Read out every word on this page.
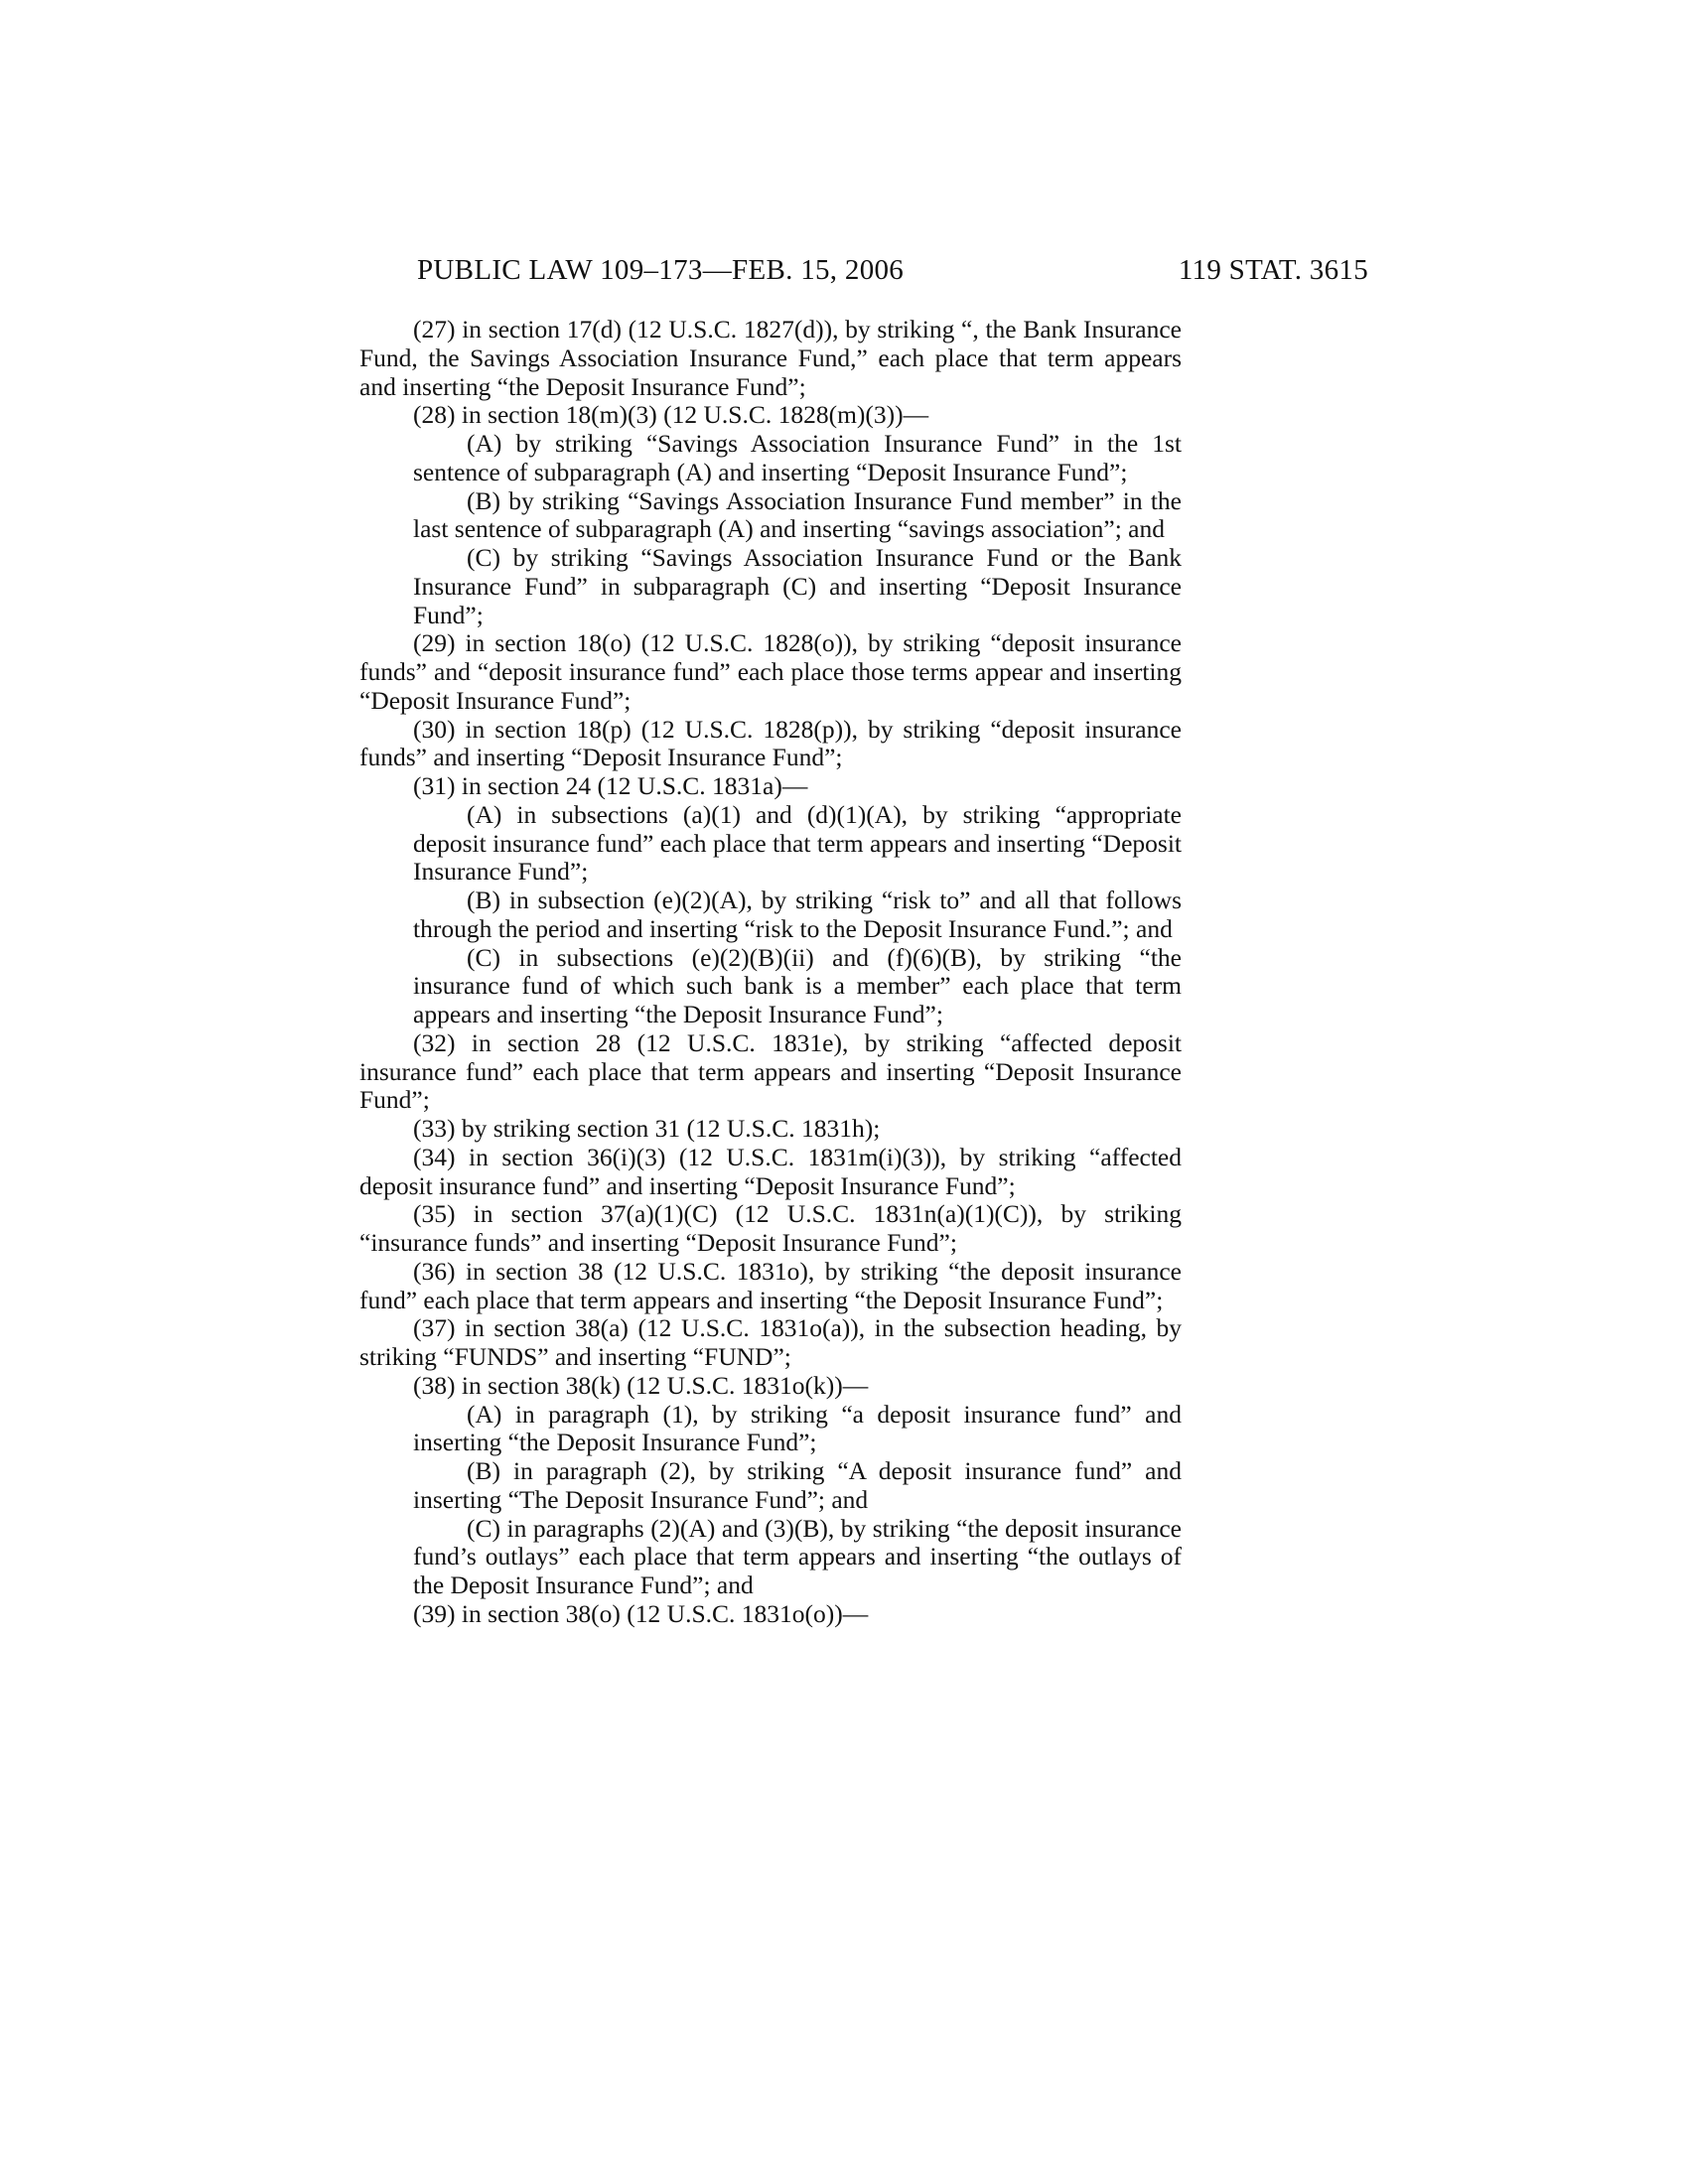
PUBLIC LAW 109–173—FEB. 15, 2006	119 STAT. 3615

(27) in section 17(d) (12 U.S.C. 1827(d)), by striking “, the Bank Insurance Fund, the Savings Association Insurance Fund,” each place that term appears and inserting “the Deposit Insurance Fund”;

(28) in section 18(m)(3) (12 U.S.C. 1828(m)(3))—

(A) by striking “Savings Association Insurance Fund” in the 1st sentence of subparagraph (A) and inserting “Deposit Insurance Fund”;

(B) by striking “Savings Association Insurance Fund member” in the last sentence of subparagraph (A) and inserting “savings association”; and

(C) by striking “Savings Association Insurance Fund or the Bank Insurance Fund” in subparagraph (C) and inserting “Deposit Insurance Fund”;

(29) in section 18(o) (12 U.S.C. 1828(o)), by striking “deposit insurance funds” and “deposit insurance fund” each place those terms appear and inserting “Deposit Insurance Fund”;

(30) in section 18(p) (12 U.S.C. 1828(p)), by striking “deposit insurance funds” and inserting “Deposit Insurance Fund”;

(31) in section 24 (12 U.S.C. 1831a)—

(A) in subsections (a)(1) and (d)(1)(A), by striking “appropriate deposit insurance fund” each place that term appears and inserting “Deposit Insurance Fund”;

(B) in subsection (e)(2)(A), by striking “risk to” and all that follows through the period and inserting “risk to the Deposit Insurance Fund.”; and

(C) in subsections (e)(2)(B)(ii) and (f)(6)(B), by striking “the insurance fund of which such bank is a member” each place that term appears and inserting “the Deposit Insurance Fund”;

(32) in section 28 (12 U.S.C. 1831e), by striking “affected deposit insurance fund” each place that term appears and inserting “Deposit Insurance Fund”;

(33) by striking section 31 (12 U.S.C. 1831h);

(34) in section 36(i)(3) (12 U.S.C. 1831m(i)(3)), by striking “affected deposit insurance fund” and inserting “Deposit Insurance Fund”;

(35) in section 37(a)(1)(C) (12 U.S.C. 1831n(a)(1)(C)), by striking “insurance funds” and inserting “Deposit Insurance Fund”;

(36) in section 38 (12 U.S.C. 1831o), by striking “the deposit insurance fund” each place that term appears and inserting “the Deposit Insurance Fund”;

(37) in section 38(a) (12 U.S.C. 1831o(a)), in the subsection heading, by striking “FUNDS” and inserting “FUND”;

(38) in section 38(k) (12 U.S.C. 1831o(k))—

(A) in paragraph (1), by striking “a deposit insurance fund” and inserting “the Deposit Insurance Fund”;

(B) in paragraph (2), by striking “A deposit insurance fund” and inserting “The Deposit Insurance Fund”; and

(C) in paragraphs (2)(A) and (3)(B), by striking “the deposit insurance fund’s outlays” each place that term appears and inserting “the outlays of the Deposit Insurance Fund”; and

(39) in section 38(o) (12 U.S.C. 1831o(o))—
